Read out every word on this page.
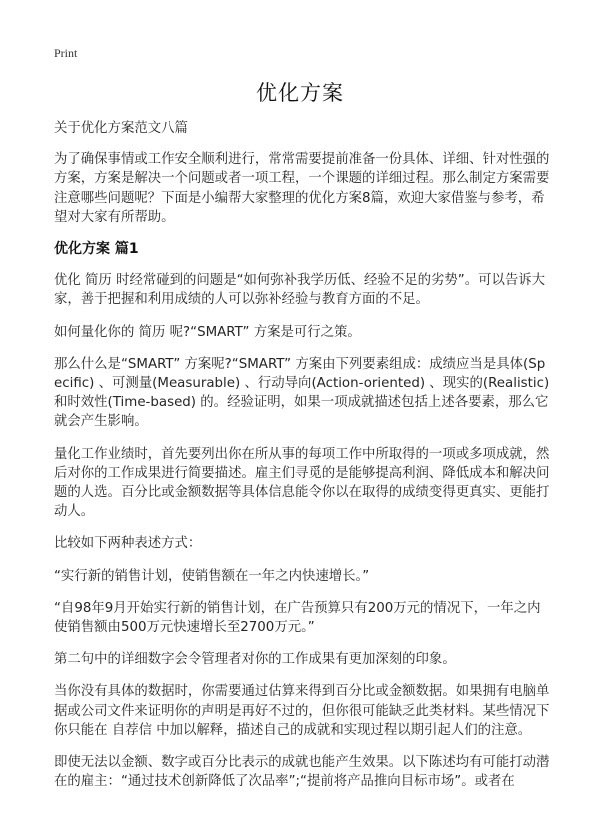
Print
优化方案

关于优化方案范文八篇

为了确保事情或工作安全顺利进行，常常需要提前准备一份具体、详细、针对性强的方案，方案是解决一个问题或者一项工程，一个课题的详细过程。那么制定方案需要注意哪些问题呢？下面是小编帮大家整理的优化方案8篇，欢迎大家借鉴与参考，希望对大家有所帮助。

优化方案 篇1

优化 简历 时经常碰到的问题是“如何弥补我学历低、经验不足的劣势”。可以告诉大家，善于把握和利用成绩的人可以弥补经验与教育方面的不足。

如何量化你的 简历 呢?“SMART” 方案是可行之策。

那么什么是“SMART” 方案呢?“SMART” 方案由下列要素组成：成绩应当是具体(Specific) 、可测量(Measurable) 、行动导向(Action-oriented) 、现实的(Realistic) 和时效性(Time-based) 的。经验证明，如果一项成就描述包括上述各要素，那么它就会产生影响。

量化工作业绩时，首先要列出你在所从事的每项工作中所取得的一项或多项成就，然后对你的工作成果进行简要描述。雇主们寻觅的是能够提高利润、降低成本和解决问题的人选。百分比或金额数据等具体信息能令你以在取得的成绩变得更真实、更能打动人。

比较如下两种表述方式：

“实行新的销售计划，使销售额在一年之内快速增长。”

“自98年9月开始实行新的销售计划，在广告预算只有200万元的情况下，一年之内使销售额由500万元快速增长至2700万元。”

第二句中的详细数字会令管理者对你的工作成果有更加深刻的印象。

当你没有具体的数据时，你需要通过估算来得到百分比或金额数据。如果拥有电脑单据或公司文件来证明你的声明是再好不过的，但你很可能缺乏此类材料。某些情况下你只能在 自荐信 中加以解释，描述自己的成就和实现过程以期引起人们的注意。

即使无法以金额、数字或百分比表示的成就也能产生效果。以下陈述均有可能打动潜在的雇主：“通过技术创新降低了次品率”;“提前将产品推向目标市场”。或者在
